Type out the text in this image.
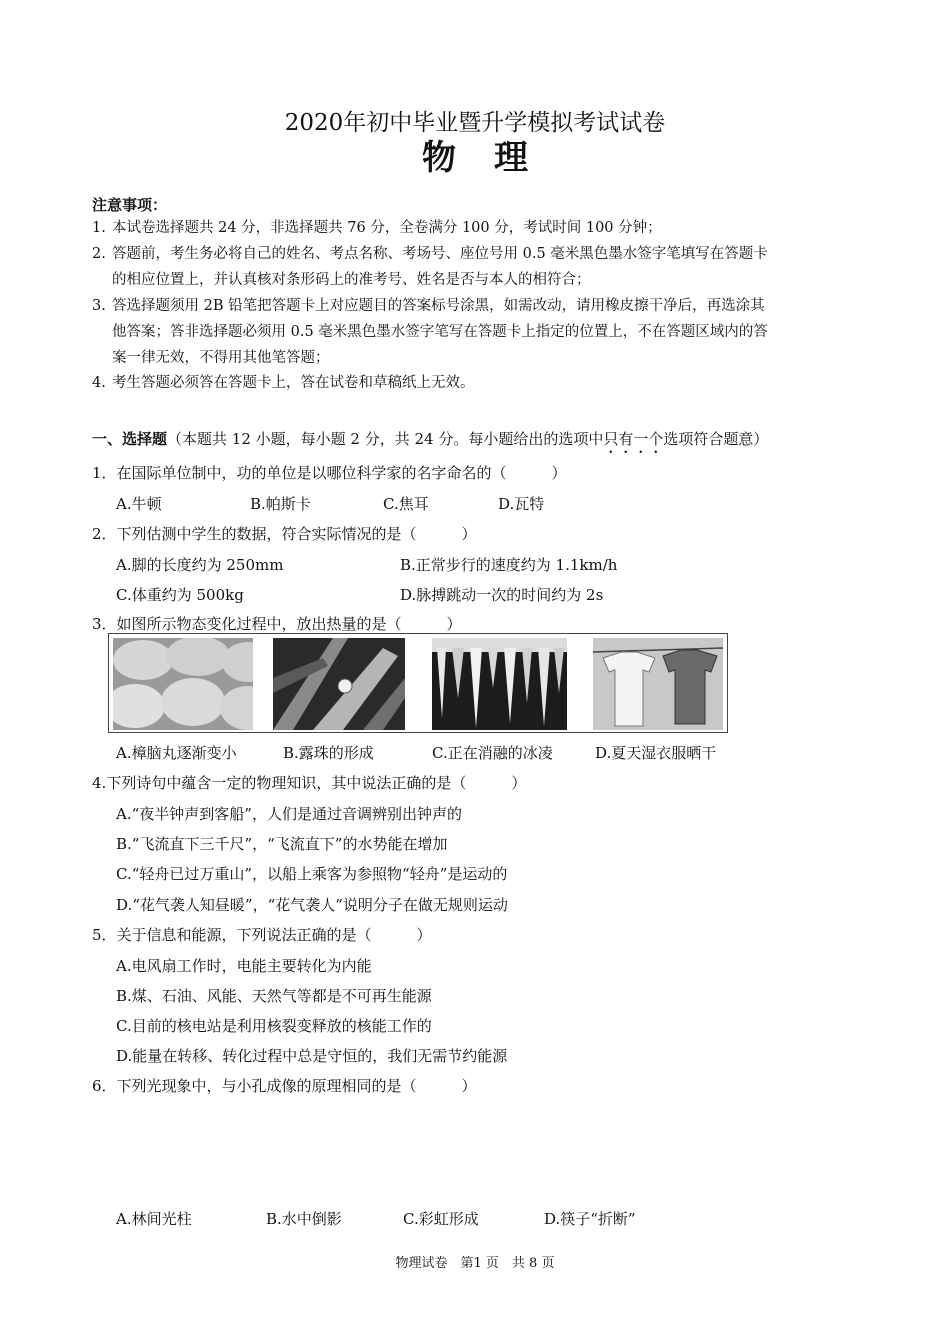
2020年初中毕业暨升学模拟考试试卷
物理
注意事项：
1. 本试卷选择题共 24 分，非选择题共 76 分，全卷满分 100 分，考试时间 100 分钟；
2. 答题前，考生务必将自己的姓名、考点名称、考场号、座位号用 0.5 毫米黑色墨水签字笔填写在答题卡
的相应位置上，并认真核对条形码上的准考号、姓名是否与本人的相符合；
3. 答选择题须用 2B 铅笔把答题卡上对应题目的答案标号涂黑，如需改动，请用橡皮擦干净后，再选涂其
他答案；答非选择题必须用 0.5 毫米黑色墨水签字笔写在答题卡上指定的位置上，不在答题区域内的答
案一律无效，不得用其他笔答题；
4. 考生答题必须答在答题卡上，答在试卷和草稿纸上无效。
一、选择题（本题共 12 小题，每小题 2 分，共 24 分。每小题给出的选项中只有一个选项符合题意）
1．在国际单位制中，功的单位是以哪位科学家的名字命名的（　　　）
A.牛顿	B.帕斯卡	C.焦耳	D.瓦特
2．下列估测中学生的数据，符合实际情况的是（　　　）
A.脚的长度约为 250mm	B.正常步行的速度约为 1.1km/h
C.体重约为 500kg	D.脉搏跳动一次的时间约为 2s
3．如图所示物态变化过程中，放出热量的是（　　　）
A.樟脑丸逐渐变小	B.露珠的形成	C.正在消融的冰凌	D.夏天湿衣服晒干
4.下列诗句中蕴含一定的物理知识，其中说法正确的是（　　　）
A.“夜半钟声到客船”，人们是通过音调辨别出钟声的
B.“飞流直下三千尺”，“飞流直下”的水势能在增加
C.“轻舟已过万重山”，以船上乘客为参照物“轻舟”是运动的
D.“花气袭人知昼暖”，“花气袭人”说明分子在做无规则运动
5．关于信息和能源，下列说法正确的是（　　　）
A.电风扇工作时，电能主要转化为内能
B.煤、石油、风能、天然气等都是不可再生能源
C.目前的核电站是利用核裂变释放的核能工作的
D.能量在转移、转化过程中总是守恒的，我们无需节约能源
6．下列光现象中，与小孔成像的原理相同的是（　　　）
A.林间光柱	B.水中倒影	C.彩虹形成	D.筷子“折断”
物理试卷　第1 页　共 8 页
